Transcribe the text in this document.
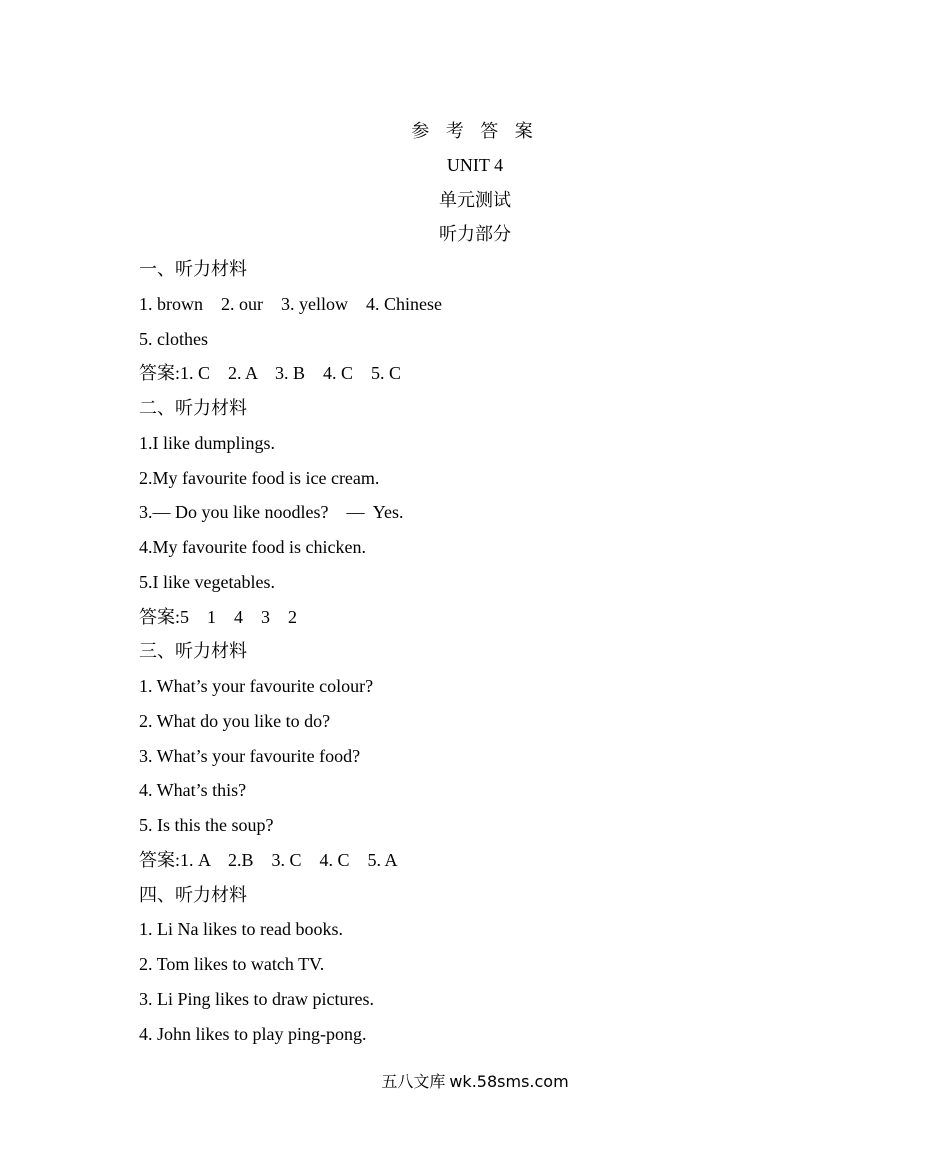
参 考 答 案
UNIT 4
单元测试
听力部分
一、听力材料
1. brown    2. our    3. yellow    4. Chinese
5. clothes
答案:1. C    2. A    3. B    4. C    5. C
二、听力材料
1.I like dumplings.
2.My favourite food is ice cream.
3.— Do you like noodles?    —  Yes.
4.My favourite food is chicken.
5.I like vegetables.
答案:5    1    4    3    2
三、听力材料
1. What’s your favourite colour?
2. What do you like to do?
3. What’s your favourite food?
4. What’s this?
5. Is this the soup?
答案:1. A    2.B    3. C    4. C    5. A
四、听力材料
1. Li Na likes to read books.
2. Tom likes to watch TV.
3. Li Ping likes to draw pictures.
4. John likes to play ping-pong.
五八文库 wk.58sms.com
